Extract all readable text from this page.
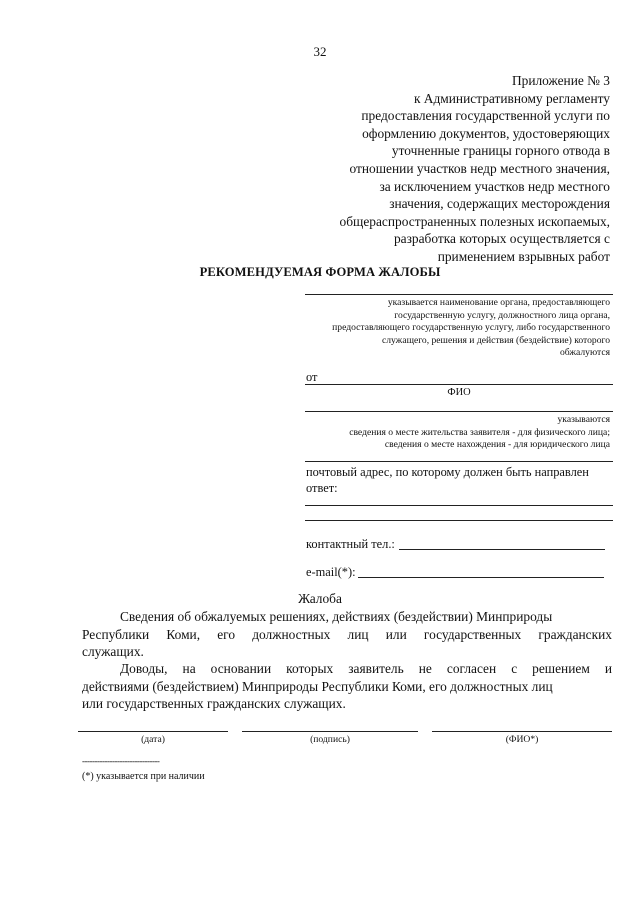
32
Приложение № 3
к Административному регламенту
предоставления государственной услуги по
оформлению документов, удостоверяющих
уточненные границы горного отвода в
отношении участков недр местного значения,
за исключением участков недр местного
значения, содержащих месторождения
общераспространенных полезных ископаемых,
разработка которых осуществляется с
применением взрывных работ
РЕКОМЕНДУЕМАЯ ФОРМА ЖАЛОБЫ
указывается наименование органа, предоставляющего
государственную услугу, должностного лица органа,
предоставляющего государственную услугу, либо государственного
служащего, решения и действия (бездействие) которого
обжалуются
от
ФИО
указываются
сведения о месте жительства заявителя - для физического лица;
сведения о месте нахождения - для юридического лица
почтовый адрес, по которому должен быть направлен
ответ:
контактный тел.:
e-mail(*):
Жалоба
Сведения об обжалуемых решениях, действиях (бездействии) Минприроды
Республики Коми, его должностных лиц или государственных гражданских
служащих.
Доводы, на основании которых заявитель не согласен с решением и
действиями (бездействием) Минприроды Республики Коми, его должностных лиц
или государственных гражданских служащих.
(дата)	(подпись)	(ФИО*)
-------------------------------
(*) указывается при наличии
